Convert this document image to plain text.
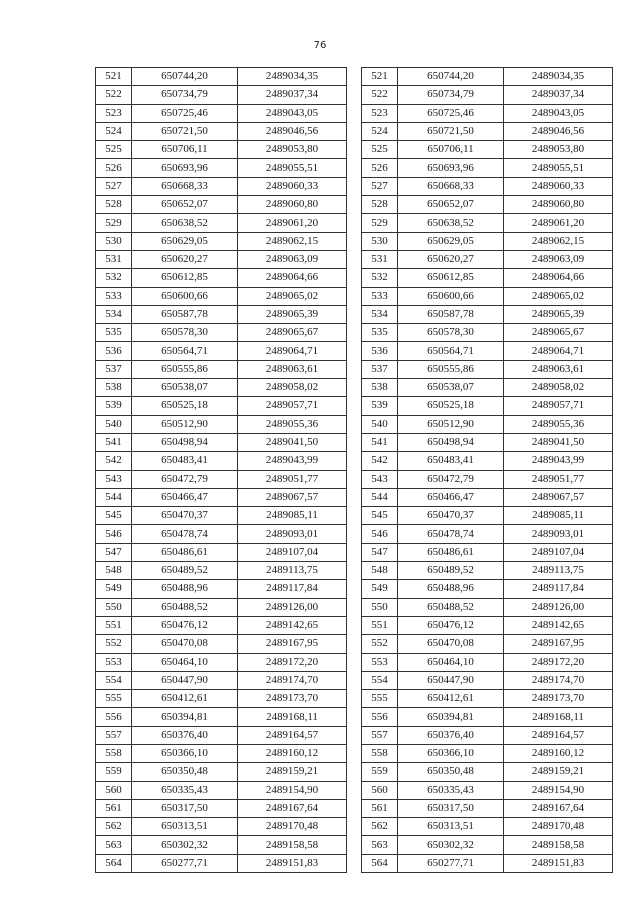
76
521	650744,20	2489034,35
522	650734,79	2489037,34
523	650725,46	2489043,05
524	650721,50	2489046,56
525	650706,11	2489053,80
526	650693,96	2489055,51
527	650668,33	2489060,33
528	650652,07	2489060,80
529	650638,52	2489061,20
530	650629,05	2489062,15
531	650620,27	2489063,09
532	650612,85	2489064,66
533	650600,66	2489065,02
534	650587,78	2489065,39
535	650578,30	2489065,67
536	650564,71	2489064,71
537	650555,86	2489063,61
538	650538,07	2489058,02
539	650525,18	2489057,71
540	650512,90	2489055,36
541	650498,94	2489041,50
542	650483,41	2489043,99
543	650472,79	2489051,77
544	650466,47	2489067,57
545	650470,37	2489085,11
546	650478,74	2489093,01
547	650486,61	2489107,04
548	650489,52	2489113,75
549	650488,96	2489117,84
550	650488,52	2489126,00
551	650476,12	2489142,65
552	650470,08	2489167,95
553	650464,10	2489172,20
554	650447,90	2489174,70
555	650412,61	2489173,70
556	650394,81	2489168,11
557	650376,40	2489164,57
558	650366,10	2489160,12
559	650350,48	2489159,21
560	650335,43	2489154,90
561	650317,50	2489167,64
562	650313,51	2489170,48
563	650302,32	2489158,58
564	650277,71	2489151,83
521	650744,20	2489034,35
522	650734,79	2489037,34
523	650725,46	2489043,05
524	650721,50	2489046,56
525	650706,11	2489053,80
526	650693,96	2489055,51
527	650668,33	2489060,33
528	650652,07	2489060,80
529	650638,52	2489061,20
530	650629,05	2489062,15
531	650620,27	2489063,09
532	650612,85	2489064,66
533	650600,66	2489065,02
534	650587,78	2489065,39
535	650578,30	2489065,67
536	650564,71	2489064,71
537	650555,86	2489063,61
538	650538,07	2489058,02
539	650525,18	2489057,71
540	650512,90	2489055,36
541	650498,94	2489041,50
542	650483,41	2489043,99
543	650472,79	2489051,77
544	650466,47	2489067,57
545	650470,37	2489085,11
546	650478,74	2489093,01
547	650486,61	2489107,04
548	650489,52	2489113,75
549	650488,96	2489117,84
550	650488,52	2489126,00
551	650476,12	2489142,65
552	650470,08	2489167,95
553	650464,10	2489172,20
554	650447,90	2489174,70
555	650412,61	2489173,70
556	650394,81	2489168,11
557	650376,40	2489164,57
558	650366,10	2489160,12
559	650350,48	2489159,21
560	650335,43	2489154,90
561	650317,50	2489167,64
562	650313,51	2489170,48
563	650302,32	2489158,58
564	650277,71	2489151,83
